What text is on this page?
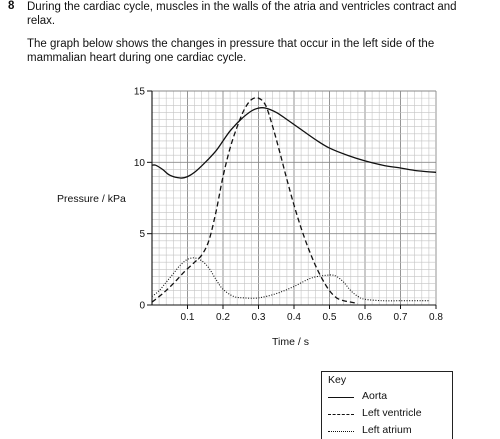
8 During the cardiac cycle, muscles in the walls of the atria and ventricles contract and relax.
The graph below shows the changes in pressure that occur in the left side of the mammalian heart during one cardiac cycle.
Pressure / kPa
Time / s
0
5
10
15
0.1 0.2 0.3 0.4 0.5 0.6 0.7 0.8
Key
Aorta
Left ventricle
Left atrium
